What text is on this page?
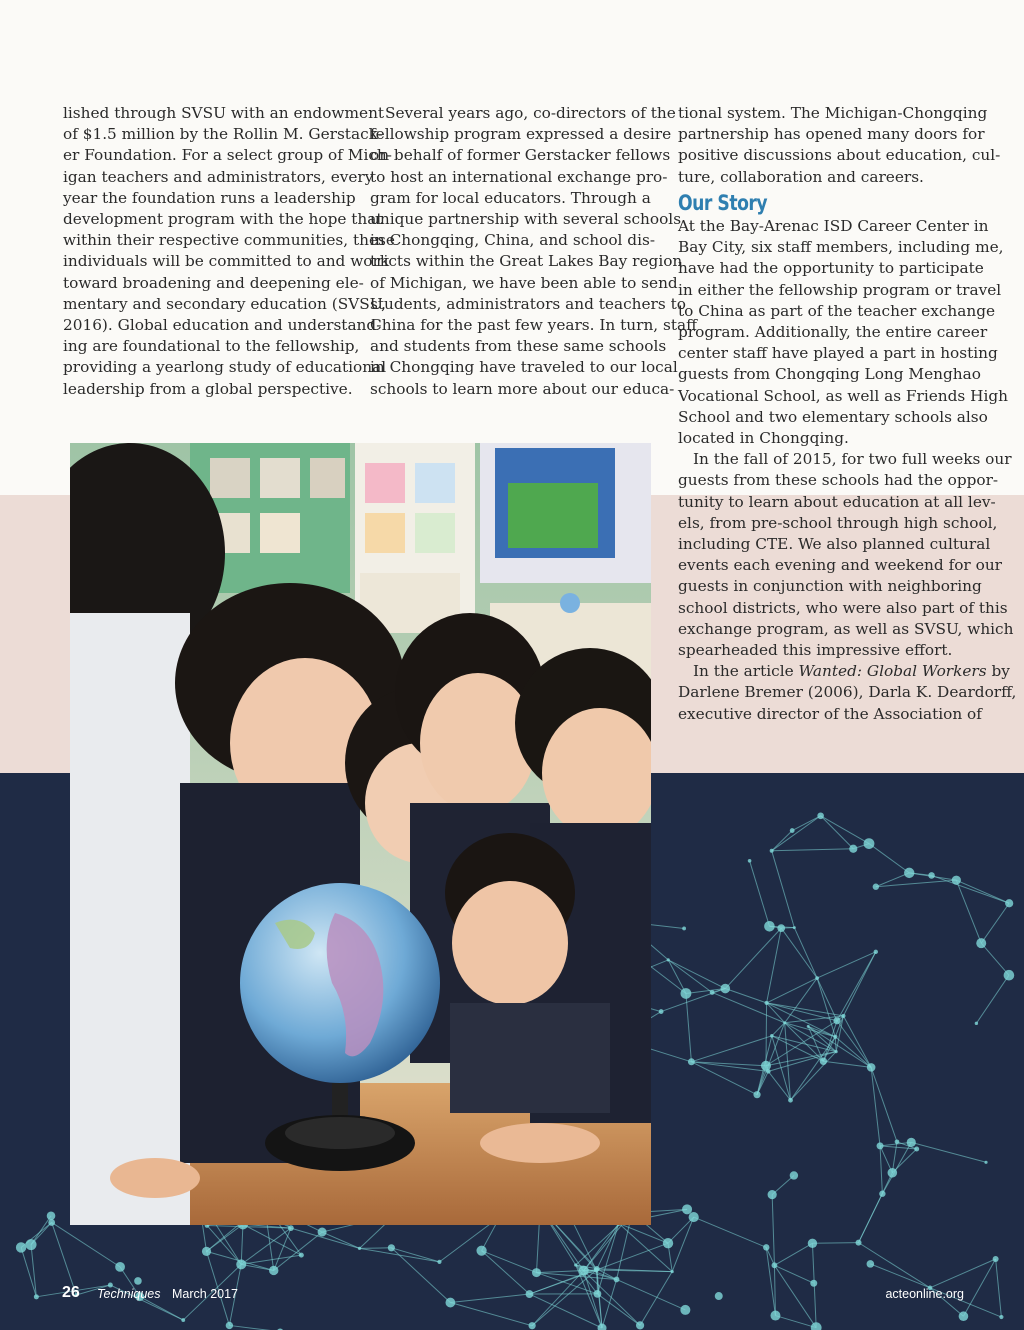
lished through SVSU with an endowment
of $1.5 million by the Rollin M. Gerstack-
er Foundation. For a select group of Mich-
igan teachers and administrators, every
year the foundation runs a leadership
development program with the hope that
within their respective communities, these
individuals will be committed to and work
toward broadening and deepening ele-
mentary and secondary education (SVSU,
2016). Global education and understand-
ing are foundational to the fellowship,
providing a yearlong study of educational
leadership from a global perspective.
Several years ago, co-directors of the
fellowship program expressed a desire
on behalf of former Gerstacker fellows
to host an international exchange pro-
gram for local educators. Through a
unique partnership with several schools
in Chongqing, China, and school dis-
tricts within the Great Lakes Bay region
of Michigan, we have been able to send
students, administrators and teachers to
China for the past few years. In turn, staff
and students from these same schools
in Chongqing have traveled to our local
schools to learn more about our educa-
tional system. The Michigan-Chongqing
partnership has opened many doors for
positive discussions about education, cul-
ture, collaboration and careers.
Our Story
At the Bay-Arenac ISD Career Center in
Bay City, six staff members, including me,
have had the opportunity to participate
in either the fellowship program or travel
to China as part of the teacher exchange
program. Additionally, the entire career
center staff have played a part in hosting
guests from Chongqing Long Menghao
Vocational School, as well as Friends High
School and two elementary schools also
located in Chongqing.
In the fall of 2015, for two full weeks our
guests from these schools had the oppor-
tunity to learn about education at all lev-
els, from pre-school through high school,
including CTE. We also planned cultural
events each evening and weekend for our
guests in conjunction with neighboring
school districts, who were also part of this
exchange program, as well as SVSU, which
spearheaded this impressive effort.
In the article Wanted: Global Workers by
Darlene Bremer (2006), Darla K. Deardorff,
executive director of the Association of
26 Techniques March 2017	acteonline.org
